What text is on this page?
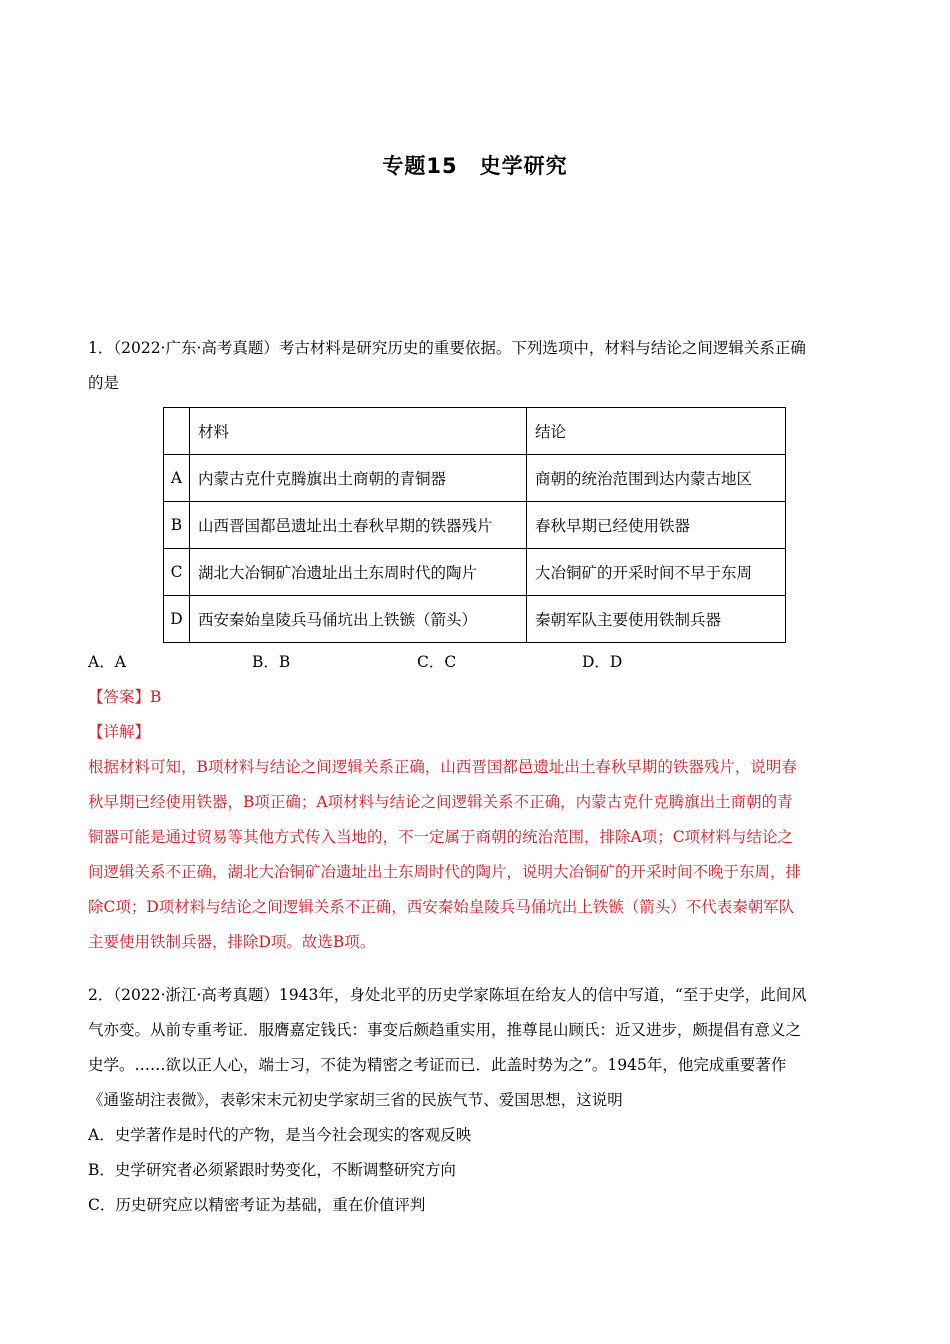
专题15　史学研究
1．（2022·广东·高考真题）考古材料是研究历史的重要依据。下列选项中，材料与结论之间逻辑关系正确
的是
	材料	结论
A	内蒙古克什克腾旗出土商朝的青铜器	商朝的统治范围到达内蒙古地区
B	山西晋国都邑遗址出土春秋早期的铁器残片	春秋早期已经使用铁器
C	湖北大冶铜矿冶遗址出土东周时代的陶片	大冶铜矿的开采时间不早于东周
D	西安秦始皇陵兵马俑坑出上铁镞（箭头）	秦朝军队主要使用铁制兵器
A．A	B．B	C．C	D．D
【答案】B
【详解】
根据材料可知，B项材料与结论之间逻辑关系正确，山西晋国都邑遗址出土春秋早期的铁器残片，说明春
秋早期已经使用铁器，B项正确；A项材料与结论之间逻辑关系不正确，内蒙古克什克腾旗出土商朝的青
铜器可能是通过贸易等其他方式传入当地的，不一定属于商朝的统治范围，排除A项；C项材料与结论之
间逻辑关系不正确，湖北大冶铜矿冶遗址出土东周时代的陶片，说明大冶铜矿的开采时间不晚于东周，排
除C项；D项材料与结论之间逻辑关系不正确，西安秦始皇陵兵马俑坑出上铁镞（箭头）不代表秦朝军队
主要使用铁制兵器，排除D项。故选B项。
2．（2022·浙江·高考真题）1943年，身处北平的历史学家陈垣在给友人的信中写道，“至于史学，此间风
气亦变。从前专重考证．服膺嘉定钱氏：事变后颇趋重实用，推尊昆山顾氏：近又进步，颇提倡有意义之
史学。……欲以正人心，端士习，不徒为精密之考证而已．此盖时势为之”。1945年，他完成重要著作
《通鉴胡注表微》，表彰宋末元初史学家胡三省的民族气节、爱国思想，这说明
A．史学著作是时代的产物，是当今社会现实的客观反映
B．史学研究者必须紧跟时势变化，不断调整研究方向
C．历史研究应以精密考证为基础，重在价值评判
